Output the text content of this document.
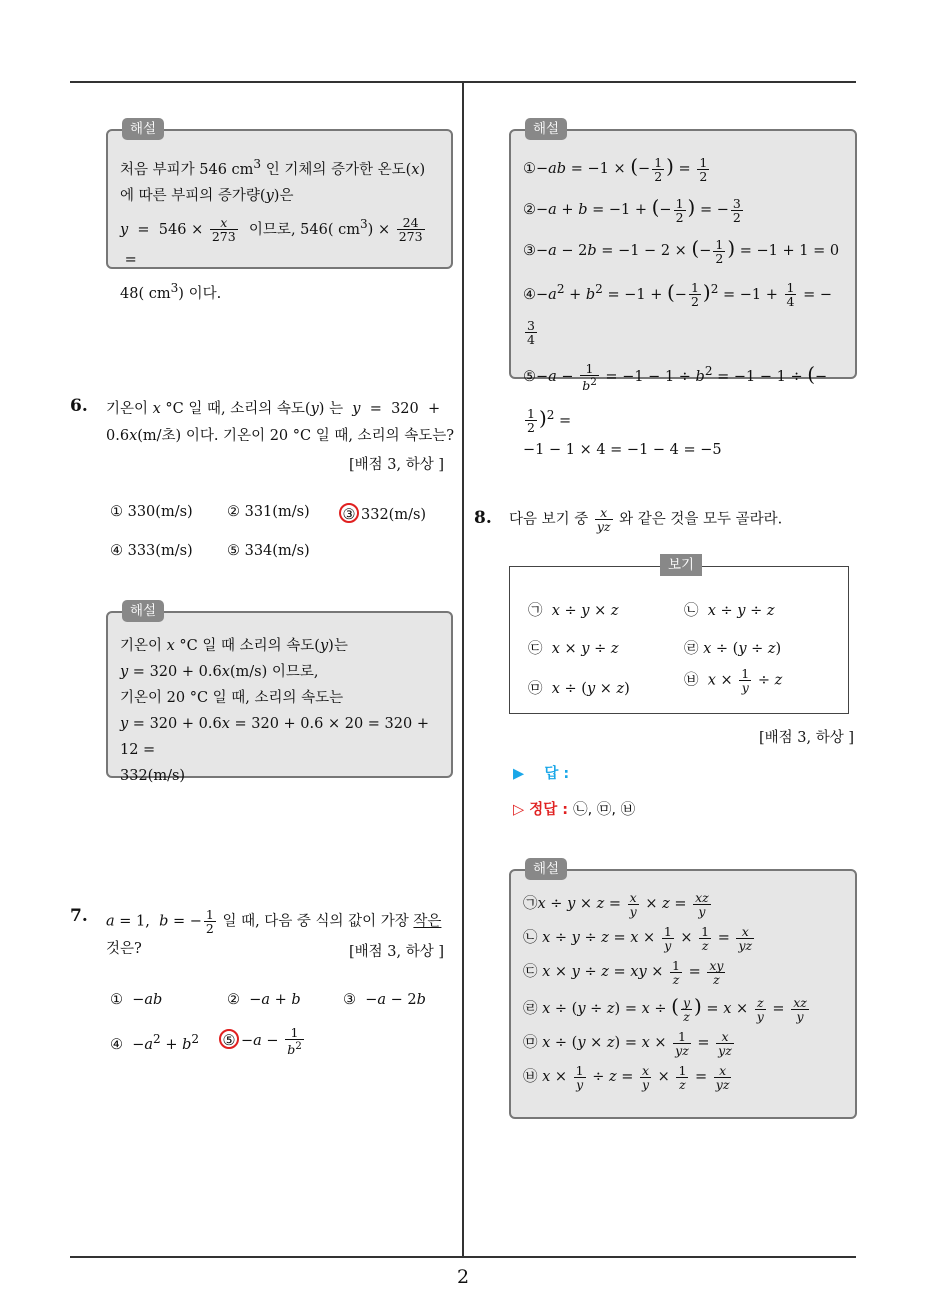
해설
처음 부피가 546 $cm^3$ 인 기체의 증가한 온도(x)
에 따른 부피의 증가량(y)은
$y = 546 \times \frac{x}{273}$ 이므로, 546( $cm^3) \times \frac{24}{273}$
=
48( $cm^3$) 이다.
해설
①−ab = −1 × (− $\frac{1}{2}$ ) = $\frac{1}{2}$
②−a + b = −1 + (− $\frac{1}{2}$ ) = − $\frac{3}{2}$
③−a − 2b = −1 − 2 × (− $\frac{1}{2}$ ) = −1 + 1 = 0
$④-a^2 + b^2 = -1$ + (− $\frac{1}{2} )^2 = -1 + \frac{1}{4}$ = −
$\frac{3}{4}$
⑤−a − $\frac{1}{b^2} = -1 - 1 \div b^2 = -1 - 1$ ÷ (−
$\frac{1}{2} )^2$ =
−1 − 1 × 4 = −1 − 4 = −5
6. 기온이 x °C 일 때, 소리의 속도(y) 는 y  =  320  +
0.6x(m/초) 이다. 기온이 20 °C 일 때, 소리의 속도는?
[배점 3, 하상 ]
① 330(m/s) ② 331(m/s) ③ 332(m/s)
④ 333(m/s) ⑤ 334(m/s)
해설
기온이 x °C 일 때 소리의 속도(y)는
y = 320 + 0.6x(m/s) 이므로,
기온이 20 °C 일 때, 소리의 속도는
y = 320 + 0.6x = 320 + 0.6 × 20 = 320 + 12 =
332(m/s)
7. a = 1,  b = − $\frac{1}{2}$ 일 때, 다음 중 식의 값이 가장 작은
것은?	[배점 3, 하상 ]
①  −ab	②  −a + b	③  −a − 2b
④  $-a^2 + b^2$ ⑤ $-a - \frac{1}{b^2}$
8. 다음 보기 중 $\frac{x}{yz}$ 와 같은 것을 모두 골라라.
보기
㉠ x ÷ y × z	㉡ x ÷ y ÷ z
㉢ x × y ÷ z	㉣ x ÷ (y ÷ z)
㉤ x ÷ (y × z)
㉥ $x \times \frac{1}{y} \div z$
[배점 3, 하상 ]
▶ 답 :
▷ 정답 : ㉡, ㉤, ㉥
해설
㉠x ÷ $y \times z = \frac{x}{y} \times z = \frac{xz}{y}$
㉡ $x \div y \div z = x \times \frac{1}{y} \times \frac{1}{z} = \frac{x}{yz}$
㉢ x × y ÷ z = xy × $\frac{1}{z} = \frac{xy}{z}$
㉣ x ÷ (y ÷ z) = x ÷ ( $\frac{y}{z}$ ) = $x \times \frac{z}{y} = \frac{xz}{y}$
㉤ $x \div (y \times z) = x \times \frac{1}{yz} = \frac{x}{yz}$
㉥ $x \times \frac{1}{y} \div z = \frac{x}{y} \times \frac{1}{z} = \frac{x}{yz}$
2
